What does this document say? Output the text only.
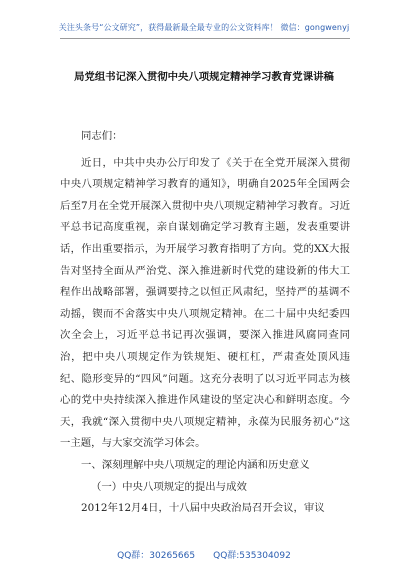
关注头条号“公文研究”，获得最新最全最专业的公文资料库！ 微信：gongwenyj
局党组书记深入贯彻中央八项规定精神学习教育党课讲稿

同志们：

近日，中共中央办公厅印发了《关于在全党开展深入贯彻中央八项规定精神学习教育的通知》，明确自2025年全国两会后至7月在全党开展深入贯彻中央八项规定精神学习教育。习近平总书记高度重视，亲自谋划确定学习教育主题，发表重要讲话，作出重要指示，为开展学习教育指明了方向。党的XX大报告对坚持全面从严治党、深入推进新时代党的建设新的伟大工程作出战略部署，强调要持之以恒正风肃纪，坚持严的基调不动摇，锲而不舍落实中央八项规定精神。在二十届中央纪委四次全会上，习近平总书记再次强调，要深入推进风腐同查同治，把中央八项规定作为铁规矩、硬杠杠，严肃查处顶风违纪、隐形变异的“四风”问题。这充分表明了以习近平同志为核心的党中央持续深入推进作风建设的坚定决心和鲜明态度。今天，我就“深入贯彻中央八项规定精神，永葆为民服务初心”这一主题，与大家交流学习体会。

一、深刻理解中央八项规定的理论内涵和历史意义

（一）中央八项规定的提出与成效

2012年12月4日，十八届中央政治局召开会议，审议

QQ群：30265665 QQ群:535304092
